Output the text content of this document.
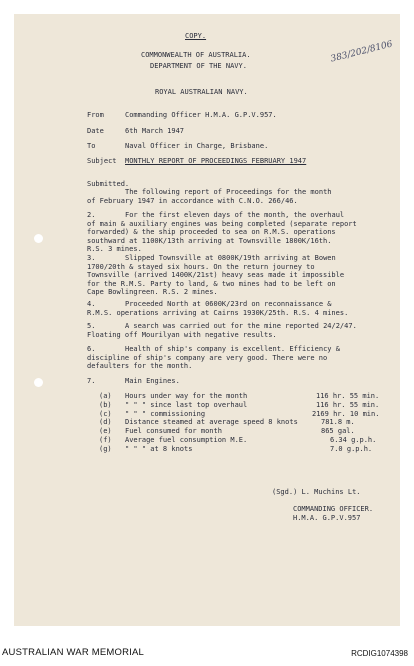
COPY.
COMMONWEALTH OF AUSTRALIA.
DEPARTMENT OF THE NAVY.
383/202/8106
ROYAL AUSTRALIAN NAVY.
From	Commanding Officer H.M.A. G.P.V.957.
Date	6th March 1947
To	Naval Officer in Charge, Brisbane.
Subject MONTHLY REPORT OF PROCEEDINGS FEBRUARY 1947
Submitted.
The following report of Proceedings for the month
of February 1947 in accordance with C.N.O. 266/46.
2.	For the first eleven days of the month, the overhaul
of main & auxiliary engines was being completed (separate report
forwarded) & the ship proceeded to sea on R.M.S. operations
southward at 1100K/13th arriving at Townsville 1800K/16th.
R.S. 3 mines.
3.	Slipped Townsville at 0800K/19th arriving at Bowen
1700/20th & stayed six hours. On the return journey to
Townsville (arrived 1400K/21st) heavy seas made it impossible
for the R.M.S. Party to land, & two mines had to be left on
Cape Bowlingreen. R.S. 2 mines.
4.	Proceeded North at 0600K/23rd on reconnaissance &
R.M.S. operations arriving at Cairns 1930K/25th. R.S. 4 mines.
5.	A search was carried out for the mine reported 24/2/47.
Floating off Mourilyan with negative results.
6.	Health of ship's company is excellent. Efficiency &
discipline of ship's company are very good. There were no
defaulters for the month.
7.	Main Engines.
(a) Hours under way for the month	116 hr. 55 min.
(b) " " " since last top overhaul	116 hr. 55 min.
(c) " " " commissioning	2169 hr. 10 min.
(d) Distance steamed at average speed 8 knots	781.8 m.
(e) Fuel consumed for month	865 gal.
(f) Average fuel consumption M.E.	6.34 g.p.h.
(g) " " " at 8 knots	7.0 g.p.h.
(Sgd.) L. Muchins Lt.
COMMANDING OFFICER.
H.M.A. G.P.V.957
AUSTRALIAN WAR MEMORIAL	RCDIG1074398
